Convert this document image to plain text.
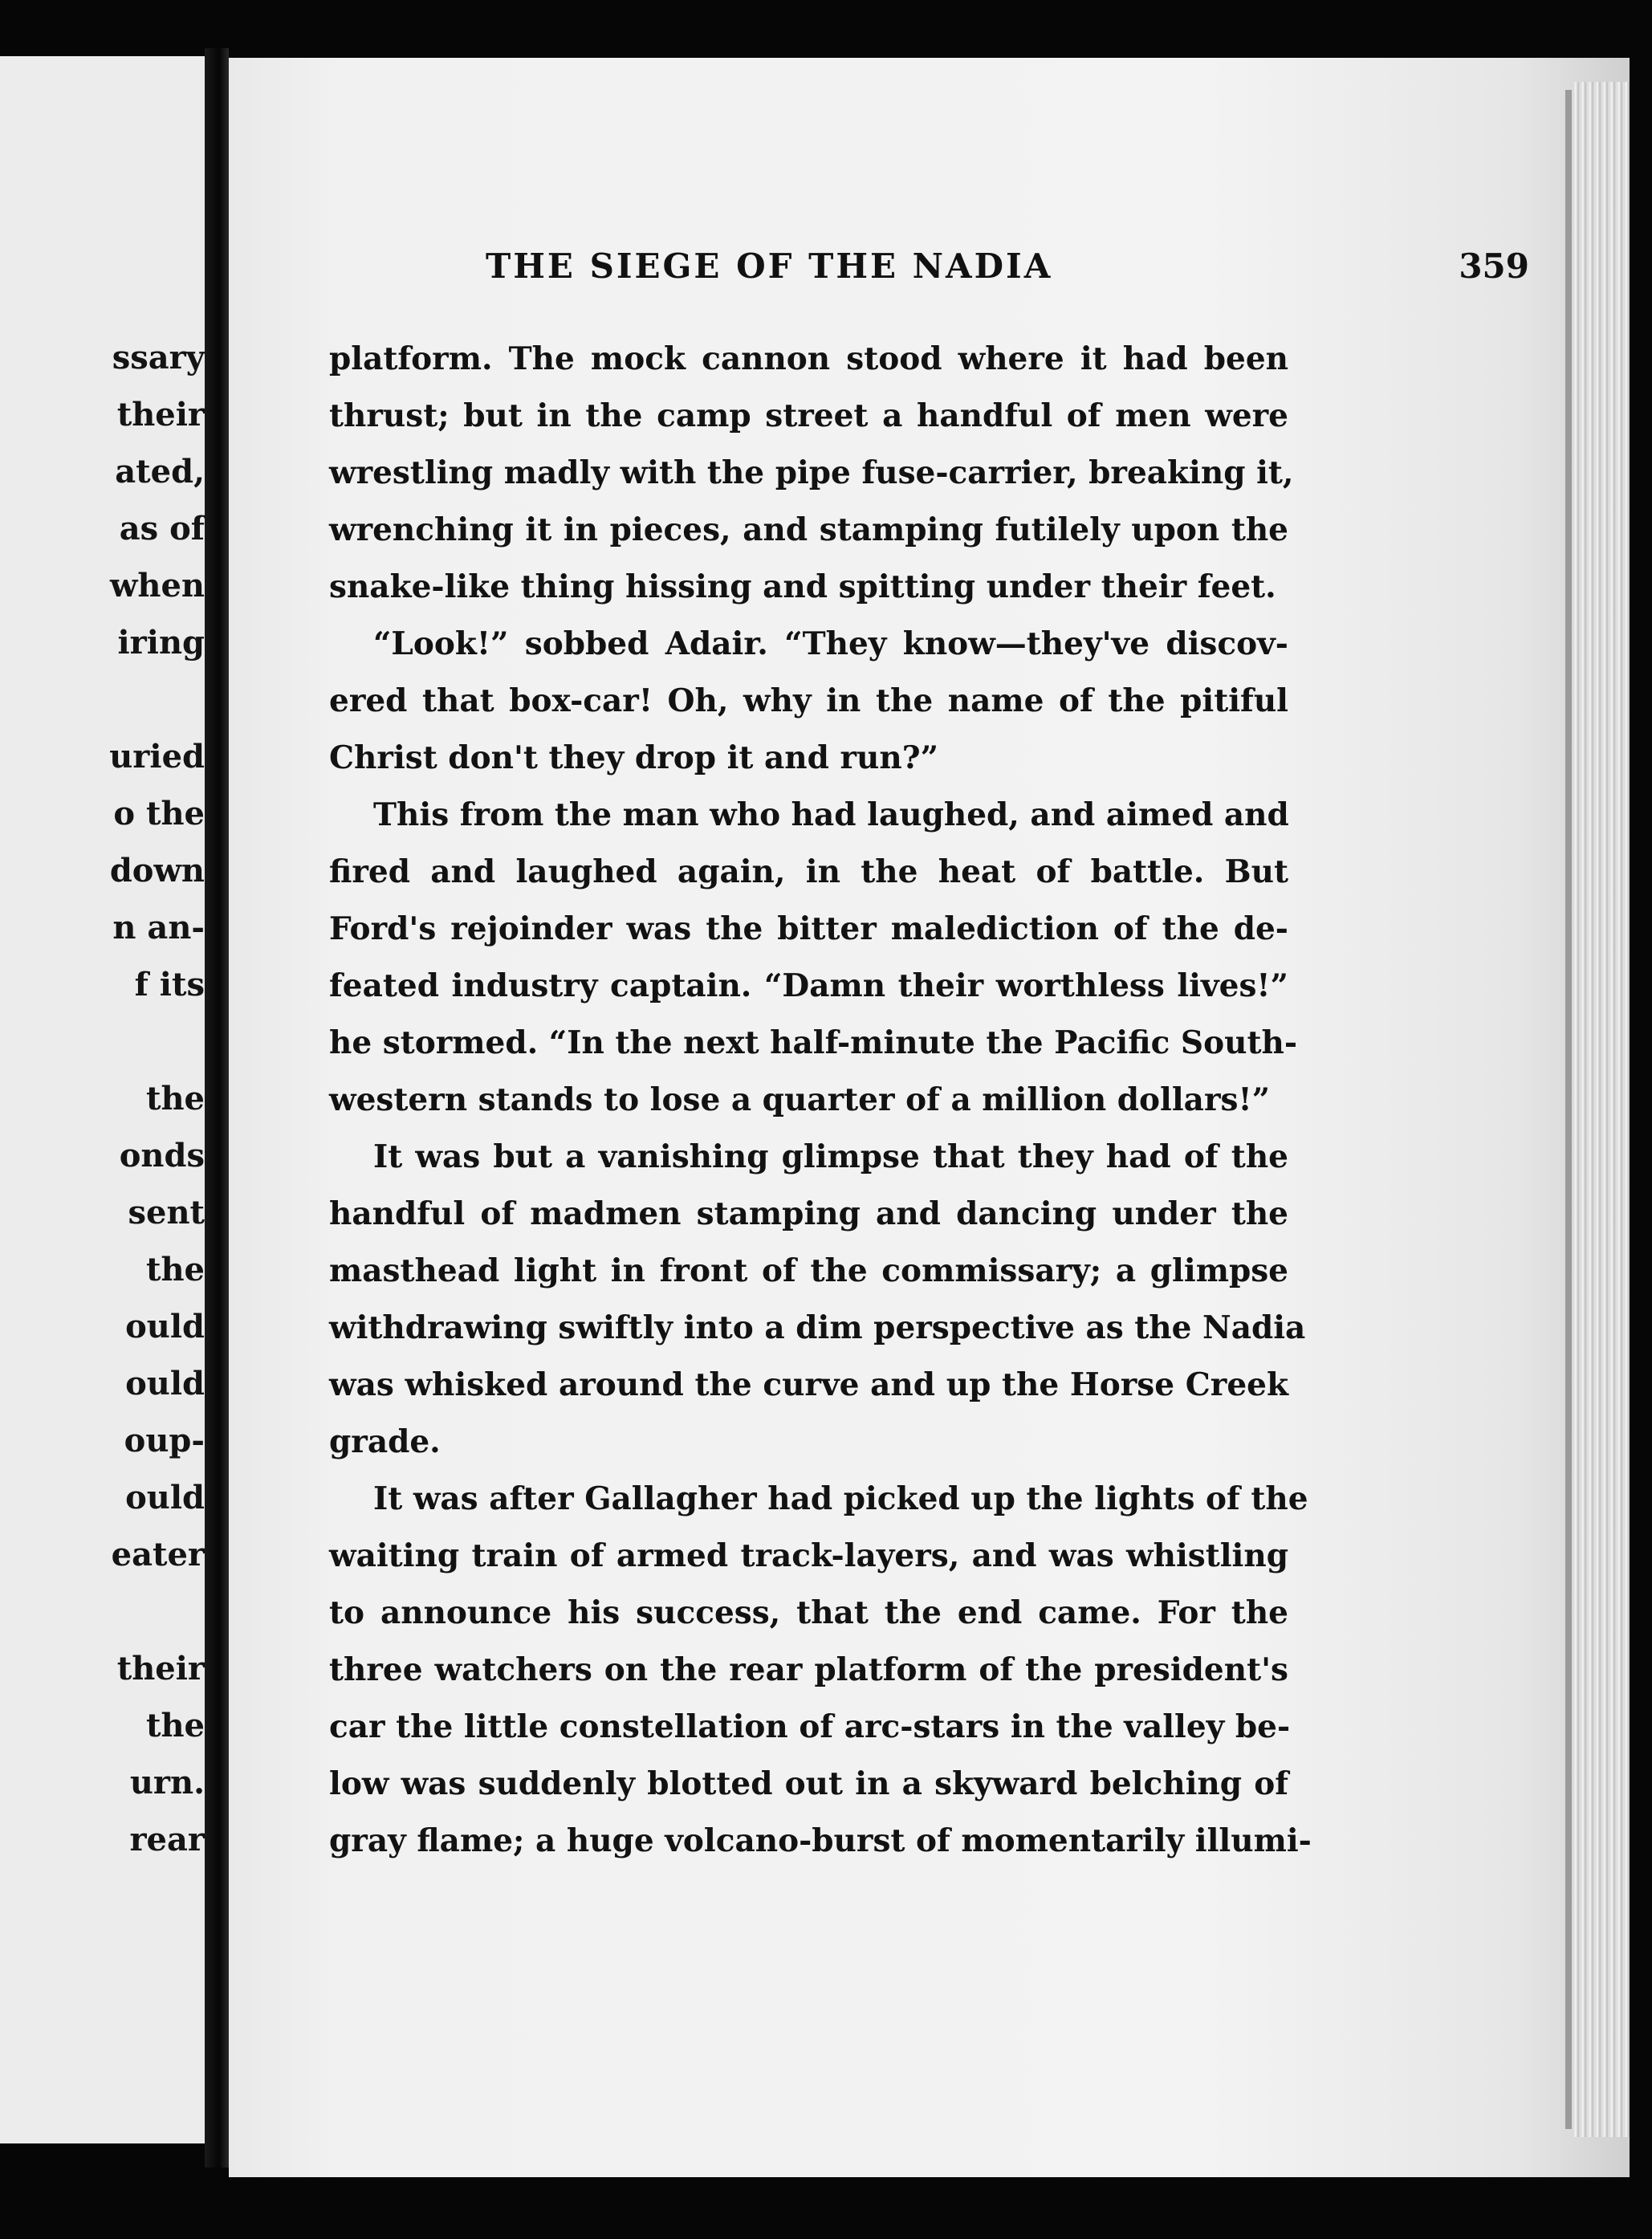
ssary
their
ated,
as of
when
iring
uried
o the
down
n an-
f its
the
onds
sent
the
ould
ould
oup-
ould
eater
their
the
urn.
rear
THE SIEGE OF THE NADIA	359

platform. The mock cannon stood where it had been
thrust; but in the camp street a handful of men were
wrestling madly with the pipe fuse-carrier, breaking it,
wrenching it in pieces, and stamping futilely upon the
snake-like thing hissing and spitting under their feet.

“Look!” sobbed Adair. “They know—they've discov-
ered that box-car! Oh, why in the name of the pitiful
Christ don't they drop it and run?”

This from the man who had laughed, and aimed and
fired and laughed again, in the heat of battle. But
Ford's rejoinder was the bitter malediction of the de-
feated industry captain. “Damn their worthless lives!”
he stormed. “In the next half-minute the Pacific South-
western stands to lose a quarter of a million dollars!”

It was but a vanishing glimpse that they had of the
handful of madmen stamping and dancing under the
masthead light in front of the commissary; a glimpse
withdrawing swiftly into a dim perspective as the Nadia
was whisked around the curve and up the Horse Creek
grade.

It was after Gallagher had picked up the lights of the
waiting train of armed track-layers, and was whistling
to announce his success, that the end came. For the
three watchers on the rear platform of the president's
car the little constellation of arc-stars in the valley be-
low was suddenly blotted out in a skyward belching of
gray flame; a huge volcano-burst of momentarily illumi-
